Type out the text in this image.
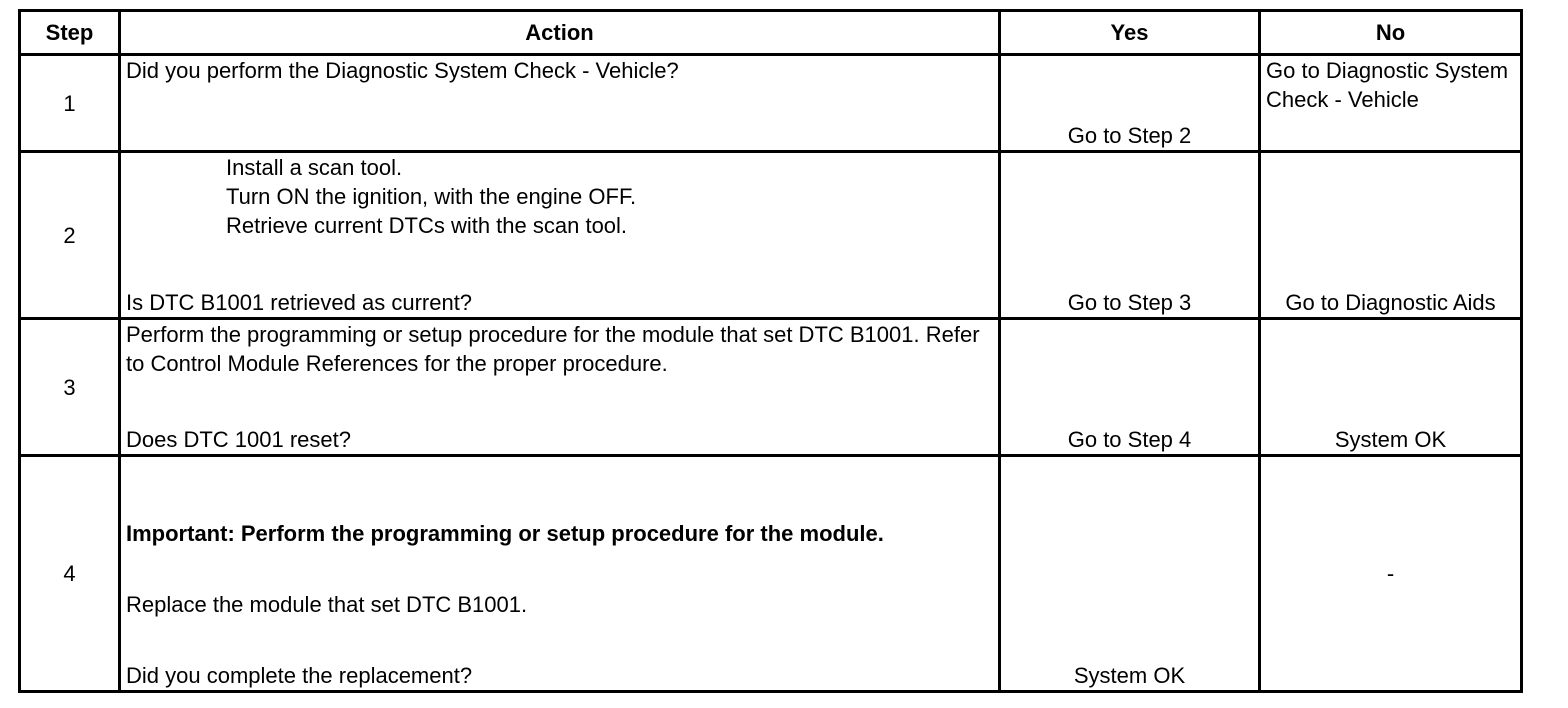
Step	Action	Yes	No
1	Did you perform the Diagnostic System Check - Vehicle?	Go to Step 2	Go to Diagnostic System Check - Vehicle

2	Install a scan tool.
Turn ON the ignition, with the engine OFF.
Retrieve current DTCs with the scan tool.
Is DTC B1001 retrieved as current?	Go to Step 3	Go to Diagnostic Aids
3	Perform the programming or setup procedure for the module that set DTC B1001. Refer to Control Module References for the proper procedure.
Does DTC 1001 reset?	Go to Step 4	System OK
4	Important: Perform the programming or setup procedure for the module.
Replace the module that set DTC B1001.
Did you complete the replacement?	System OK	-
